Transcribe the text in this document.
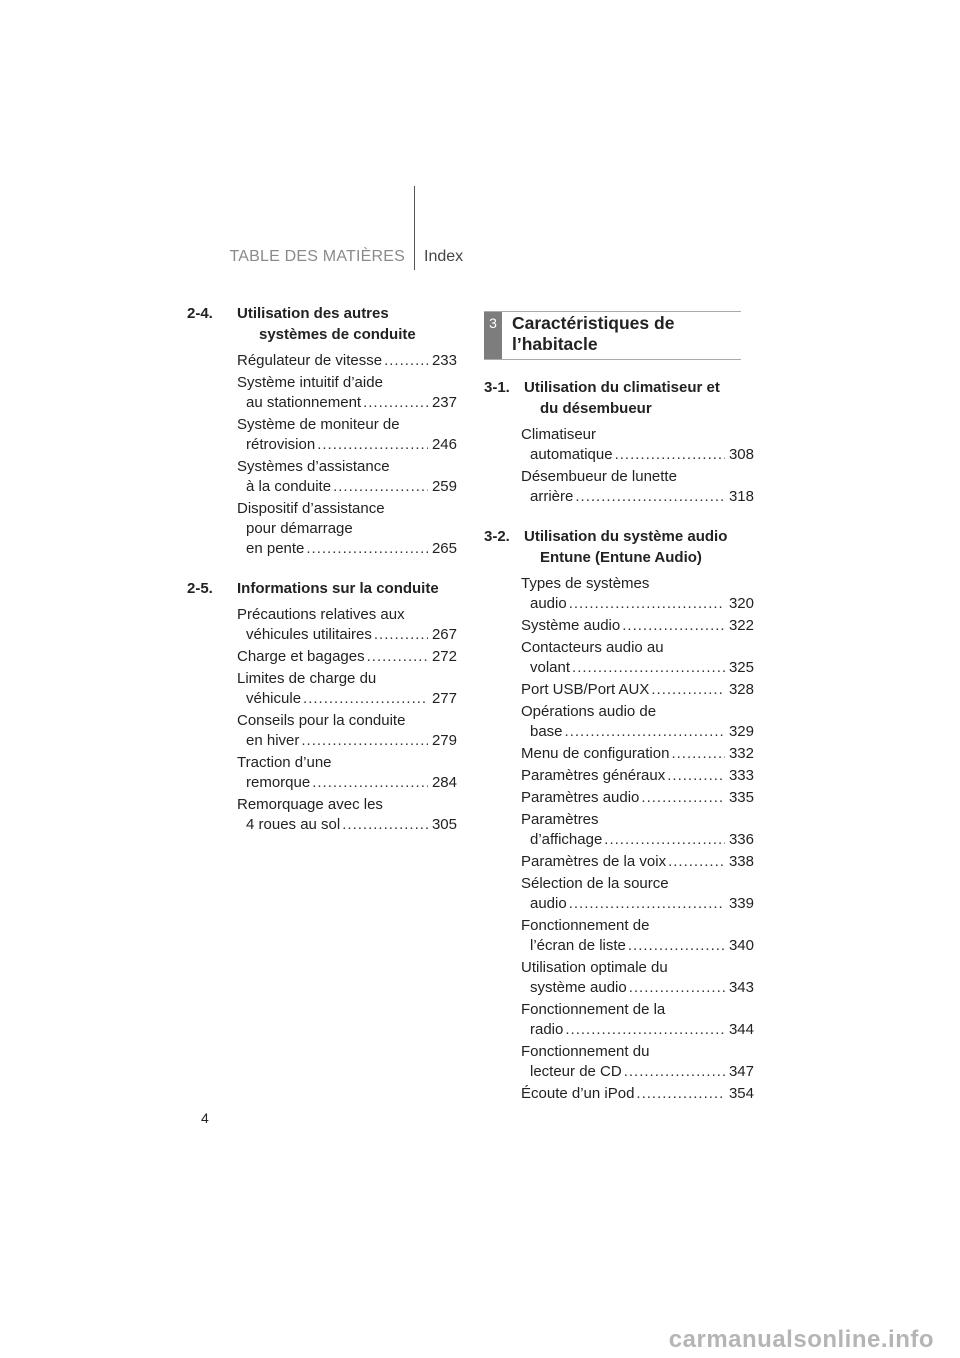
TABLE DES MATIÈRES Index
2-4. Utilisation des autres
systèmes de conduite
Régulateur de vitesse .....	233
Système intuitif d’aide
au stationnement .....	237
Système de moniteur de
rétrovision .....	246
Systèmes d’assistance
à la conduite .....	259
Dispositif d’assistance
pour démarrage
en pente .....	265
2-5. Informations sur la conduite
Précautions relatives aux
véhicules utilitaires .....	267
Charge et bagages .....	272
Limites de charge du
véhicule .....	277
Conseils pour la conduite
en hiver .....	279
Traction d’une
remorque .....	284
Remorquage avec les
4 roues au sol .....	305
3 Caractéristiques de l’habitacle
3-1. Utilisation du climatiseur et
du désembueur
Climatiseur
automatique .....	308
Désembueur de lunette
arrière .....	318
3-2. Utilisation du système audio
Entune (Entune Audio)
Types de systèmes
audio .....	320
Système audio .....	322
Contacteurs audio au
volant .....	325
Port USB/Port AUX .....	328
Opérations audio de
base .....	329
Menu de configuration .....	332
Paramètres généraux .....	333
Paramètres audio .....	335
Paramètres
d’affichage .....	336
Paramètres de la voix .....	338
Sélection de la source
audio .....	339
Fonctionnement de
l’écran de liste .....	340
Utilisation optimale du
système audio .....	343
Fonctionnement de la
radio .....	344
Fonctionnement du
lecteur de CD .....	347
Écoute d’un iPod .....	354
4
carmanualsonline.info
